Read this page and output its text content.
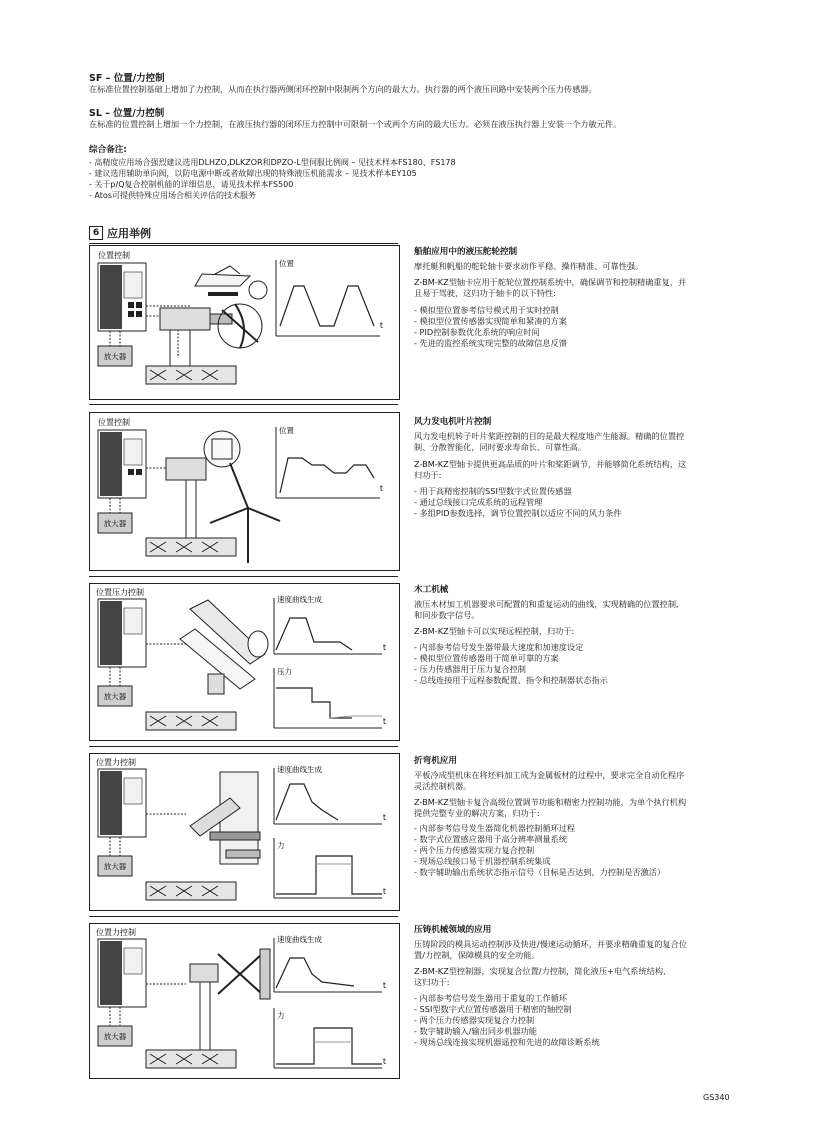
SF – 位置/力控制
在标准位置控制基础上增加了力控制，从而在执行器两侧闭环控制中限制两个方向的最大力。执行器的两个液压回路中安装两个压力传感器。
SL – 位置/力控制
在标准的位置控制上增加一个力控制，在液压执行器的闭环压力控制中可限制一个或两个方向的最大压力。必须在液压执行器上安装一个力敏元件。
综合备注:
- 高精度应用场合强烈建议选用DLHZO,DLKZOR和DPZO-L型伺服比例阀 – 见技术样本FS180、FS178
- 建议选用辅助单向阀，以防电源中断或者故障出现的特殊液压机能需求 – 见技术样本EY105
- 关于p/Q复合控制机能的详细信息，请见技术样本FS500
- Atos可提供特殊应用场合相关评估的技术服务
6 应用举例
位置控制
放大器
位置
t
船舶应用中的液压舵轮控制
摩托艇和帆船的舵轮轴卡要求动作平稳、操作精准、可靠性强。
Z-BM-KZ型轴卡应用于舵轮位置控制系统中，确保调节和控制精确重复，并
且易于驾驶，这归功于轴卡的以下特性:
- 模拟型位置参考信号模式用于实时控制
- 模拟型位置传感器实现简单和紧凑的方案
- PID控制参数优化系统的响应时间
- 先进的监控系统实现完整的故障信息反馈
位置控制
放大器
位置
t
风力发电机叶片控制
风力发电机转子叶片桨距控制的目的是最大程度地产生能源。精确的位置控
制、分散智能化，同时要求寿命长、可靠性高。
Z-BM-KZ型轴卡提供更高品质的叶片和桨距调节，并能够简化系统结构，这
归功于:
- 用于高精密控制的SSI型数字式位置传感器
- 通过总线接口完成系统的远程管理
- 多组PID参数选择，调节位置控制以适应不同的风力条件
位置压力控制
放大器
速度曲线生成
t
压力
t
木工机械
液压木材加工机器要求可配置的和重复运动的曲线，实现精确的位置控制,
和同步数字信号。
Z-BM-KZ型轴卡可以实现远程控制，归功于:
- 内部参考信号发生器带最大速度和加速度设定
- 模拟型位置传感器用于简单可靠的方案
- 压力传感器用于压力复合控制
- 总线连接用于远程参数配置、指令和控制器状态指示
位置力控制
放大器
速度曲线生成
t
力
t
折弯机应用
平板冷成型机床在将坯料加工成为金属板材的过程中，要求完全自动化程序
灵活控制机器。
Z-BM-KZ型轴卡复合高级位置调节功能和精密力控制功能，为单个执行机构
提供完整专业的解决方案，归功于:
- 内部参考信号发生器简化机器控制循环过程
- 数字式位置感应器用于高分辨率测量系统
- 两个压力传感器实现力复合控制
- 现场总线接口易于机器控制系统集成
- 数字辅助输出系统状态指示信号（目标是否达到，力控制是否激活）
位置力控制
放大器
速度曲线生成
t
力
t
压铸机械领域的应用
压铸阶段的模具运动控制涉及快进/慢速运动循环，并要求精确重复的复合位
置/力控制，保障模具的安全功能。
Z-BM-KZ型控制器，实现复合位置/力控制，简化液压+电气系统结构,
这归功于:
- 内部参考信号发生器用于重复的工作循环
- SSI型数字式位置传感器用于精密的轴控制
- 两个压力传感器实现复合力控制
- 数字辅助输入/输出同步机器功能
- 现场总线连接实现机器遥控和先进的故障诊断系统
GS340
